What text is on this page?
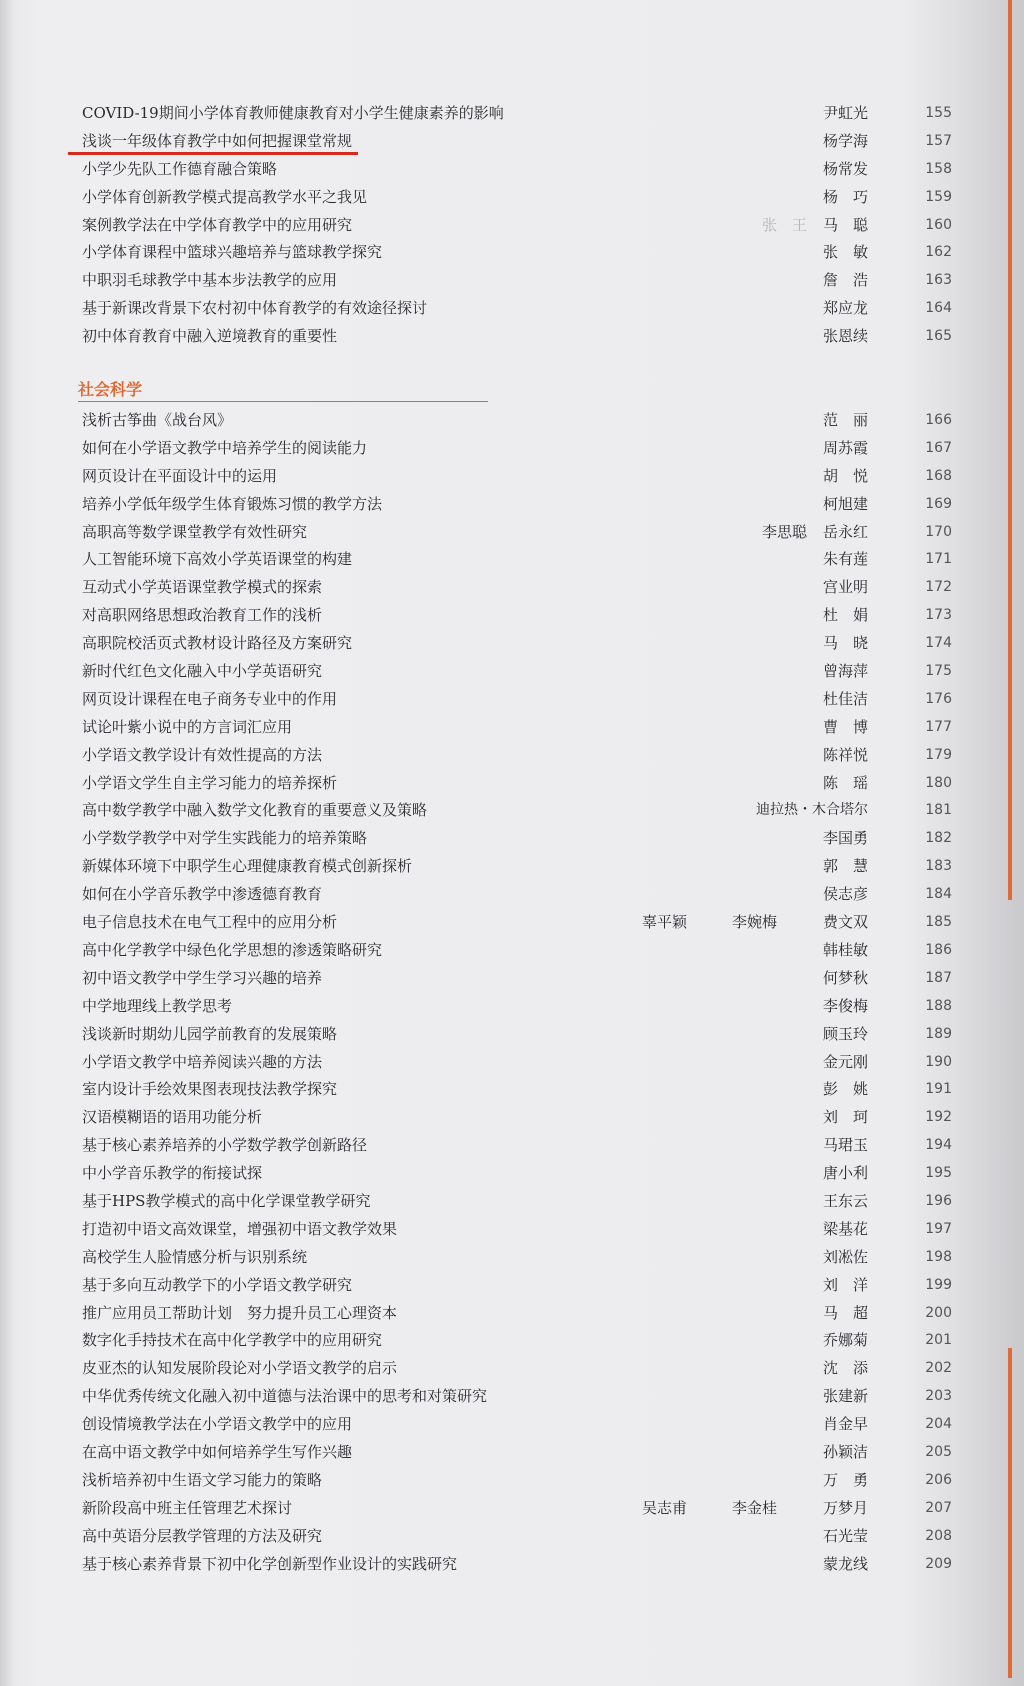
COVID-19期间小学体育教师健康教育对小学生健康素养的影响	尹虹光	155
浅谈一年级体育教学中如何把握课堂常规	杨学海	157
小学少先队工作德育融合策略	杨常发	158
小学体育创新教学模式提高教学水平之我见	杨　巧	159
案例教学法在中学体育教学中的应用研究	张　王	马　聪	160
小学体育课程中篮球兴趣培养与篮球教学探究	张　敏	162
中职羽毛球教学中基本步法教学的应用	詹　浩	163
基于新课改背景下农村初中体育教学的有效途径探讨	郑应龙	164
初中体育教育中融入逆境教育的重要性	张恩续	165
社会科学
浅析古筝曲《战台风》	范　丽	166
如何在小学语文教学中培养学生的阅读能力	周苏霞	167
网页设计在平面设计中的运用	胡　悦	168
培养小学低年级学生体育锻炼习惯的教学方法	柯旭建	169
高职高等数学课堂教学有效性研究	李思聪	岳永红	170
人工智能环境下高效小学英语课堂的构建	朱有莲	171
互动式小学英语课堂教学模式的探索	宫业明	172
对高职网络思想政治教育工作的浅析	杜　娟	173
高职院校活页式教材设计路径及方案研究	马　晓	174
新时代红色文化融入中小学英语研究	曾海萍	175
网页设计课程在电子商务专业中的作用	杜佳洁	176
试论叶紫小说中的方言词汇应用	曹　博	177
小学语文教学设计有效性提高的方法	陈祥悦	179
小学语文学生自主学习能力的培养探析	陈　瑶	180
高中数学教学中融入数学文化教育的重要意义及策略	迪拉热・木合塔尔	181
小学数学教学中对学生实践能力的培养策略	李国勇	182
新媒体环境下中职学生心理健康教育模式创新探析	郭　慧	183
如何在小学音乐教学中渗透德育教育	侯志彦	184
电子信息技术在电气工程中的应用分析	辜平颖	李婉梅	费文双	185
高中化学教学中绿色化学思想的渗透策略研究	韩桂敏	186
初中语文教学中学生学习兴趣的培养	何梦秋	187
中学地理线上教学思考	李俊梅	188
浅谈新时期幼儿园学前教育的发展策略	顾玉玲	189
小学语文教学中培养阅读兴趣的方法	金元刚	190
室内设计手绘效果图表现技法教学探究	彭　姚	191
汉语模糊语的语用功能分析	刘　珂	192
基于核心素养培养的小学数学教学创新路径	马珺玉	194
中小学音乐教学的衔接试探	唐小利	195
基于HPS教学模式的高中化学课堂教学研究	王东云	196
打造初中语文高效课堂，增强初中语文教学效果	梁基花	197
高校学生人脸情感分析与识别系统	刘凇佐	198
基于多向互动教学下的小学语文教学研究	刘　洋	199
推广应用员工帮助计划　努力提升员工心理资本	马　超	200
数字化手持技术在高中化学教学中的应用研究	乔娜菊	201
皮亚杰的认知发展阶段论对小学语文教学的启示	沈　添	202
中华优秀传统文化融入初中道德与法治课中的思考和对策研究	张建新	203
创设情境教学法在小学语文教学中的应用	肖金早	204
在高中语文教学中如何培养学生写作兴趣	孙颖洁	205
浅析培养初中生语文学习能力的策略	万　勇	206
新阶段高中班主任管理艺术探讨	吴志甫	李金桂	万梦月	207
高中英语分层教学管理的方法及研究	石光莹	208
基于核心素养背景下初中化学创新型作业设计的实践研究	蒙龙线	209
